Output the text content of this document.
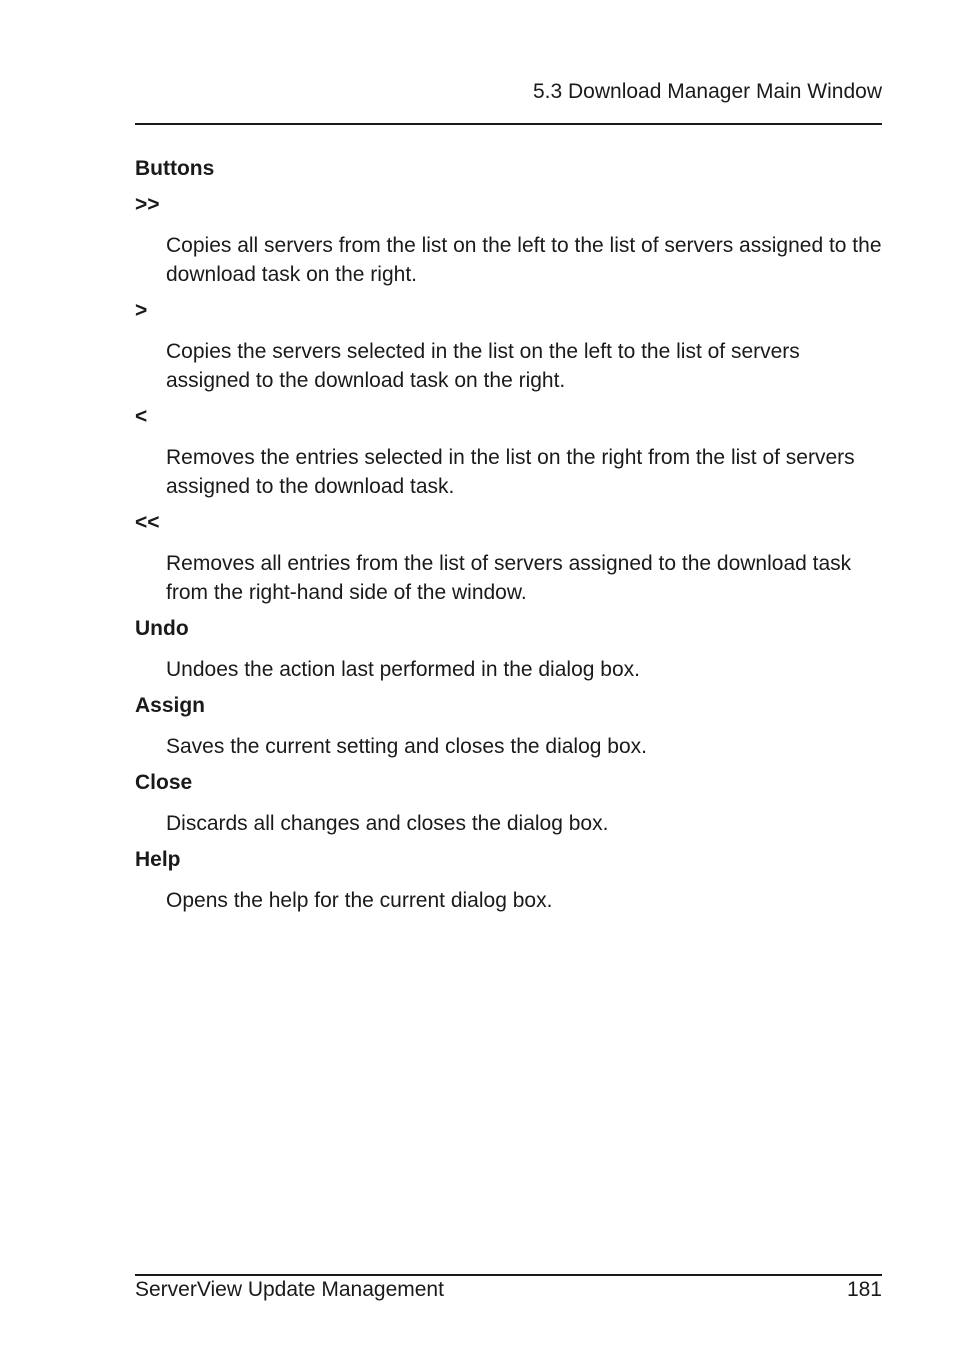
5.3 Download Manager Main Window
Buttons
>>
Copies all servers from the list on the left to the list of servers assigned to the download task on the right.
>
Copies the servers selected in the list on the left to the list of servers assigned to the download task on the right.
<
Removes the entries selected in the list on the right from the list of servers assigned to the download task.
<<
Removes all entries from the list of servers assigned to the download task from the right-hand side of the window.
Undo
Undoes the action last performed in the dialog box.
Assign
Saves the current setting and closes the dialog box.
Close
Discards all changes and closes the dialog box.
Help
Opens the help for the current dialog box.
ServerView Update Management	181
